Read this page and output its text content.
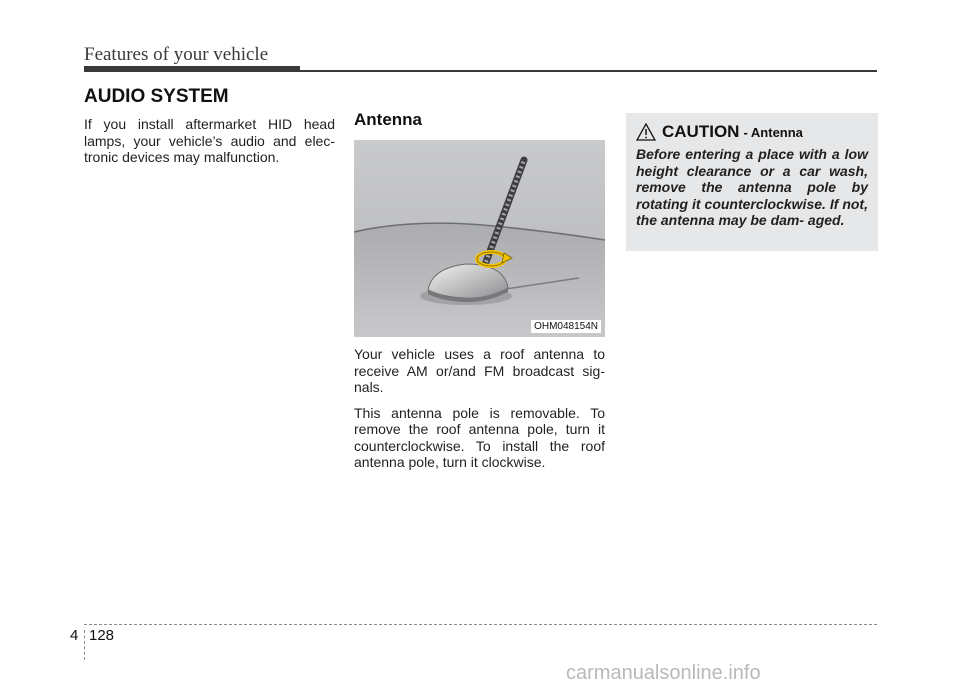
Features of your vehicle
AUDIO SYSTEM

If you install aftermarket HID head lamps, your vehicle’s audio and elec- tronic devices may malfunction.

Antenna
OHM048154N

Your vehicle uses a roof antenna to receive AM or/and FM broadcast sig- nals.

This antenna pole is removable. To remove the roof antenna pole, turn it counterclockwise. To install the roof antenna pole, turn it clockwise.

CAUTION - Antenna

Before entering a place with a low height clearance or a car wash, remove the antenna pole by rotating it counterclockwise. If not, the antenna may be dam- aged.

4 128
carmanualsonline.info
